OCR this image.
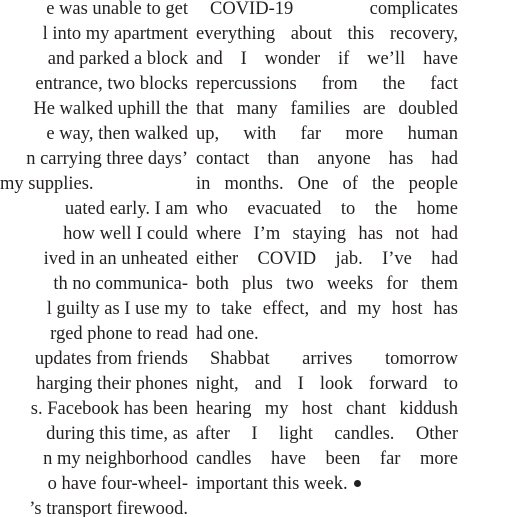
e was unable to get
l into my apartment
and parked a block
entrance, two blocks
He walked uphill the
e way, then walked
n carrying three days’
my supplies.
uated early. I am
how well I could
ived in an unheated
th no communica-
l guilty as I use my
rged phone to read
updates from friends
harging their phones
s. Facebook has been
during this time, as
n my neighborhood
o have four-wheel-
’s transport firewood.
COVID-19 complicates
everything about this recovery,
and I wonder if we’ll have
repercussions from the fact
that many families are doubled
up, with far more human
contact than anyone has had
in months. One of the people
who evacuated to the home
where I’m staying has not had
either COVID jab. I’ve had
both plus two weeks for them
to take effect, and my host has
had one.
Shabbat arrives tomorrow
night, and I look forward to
hearing my host chant kiddush
after I light candles. Other
candles have been far more
important this week.
